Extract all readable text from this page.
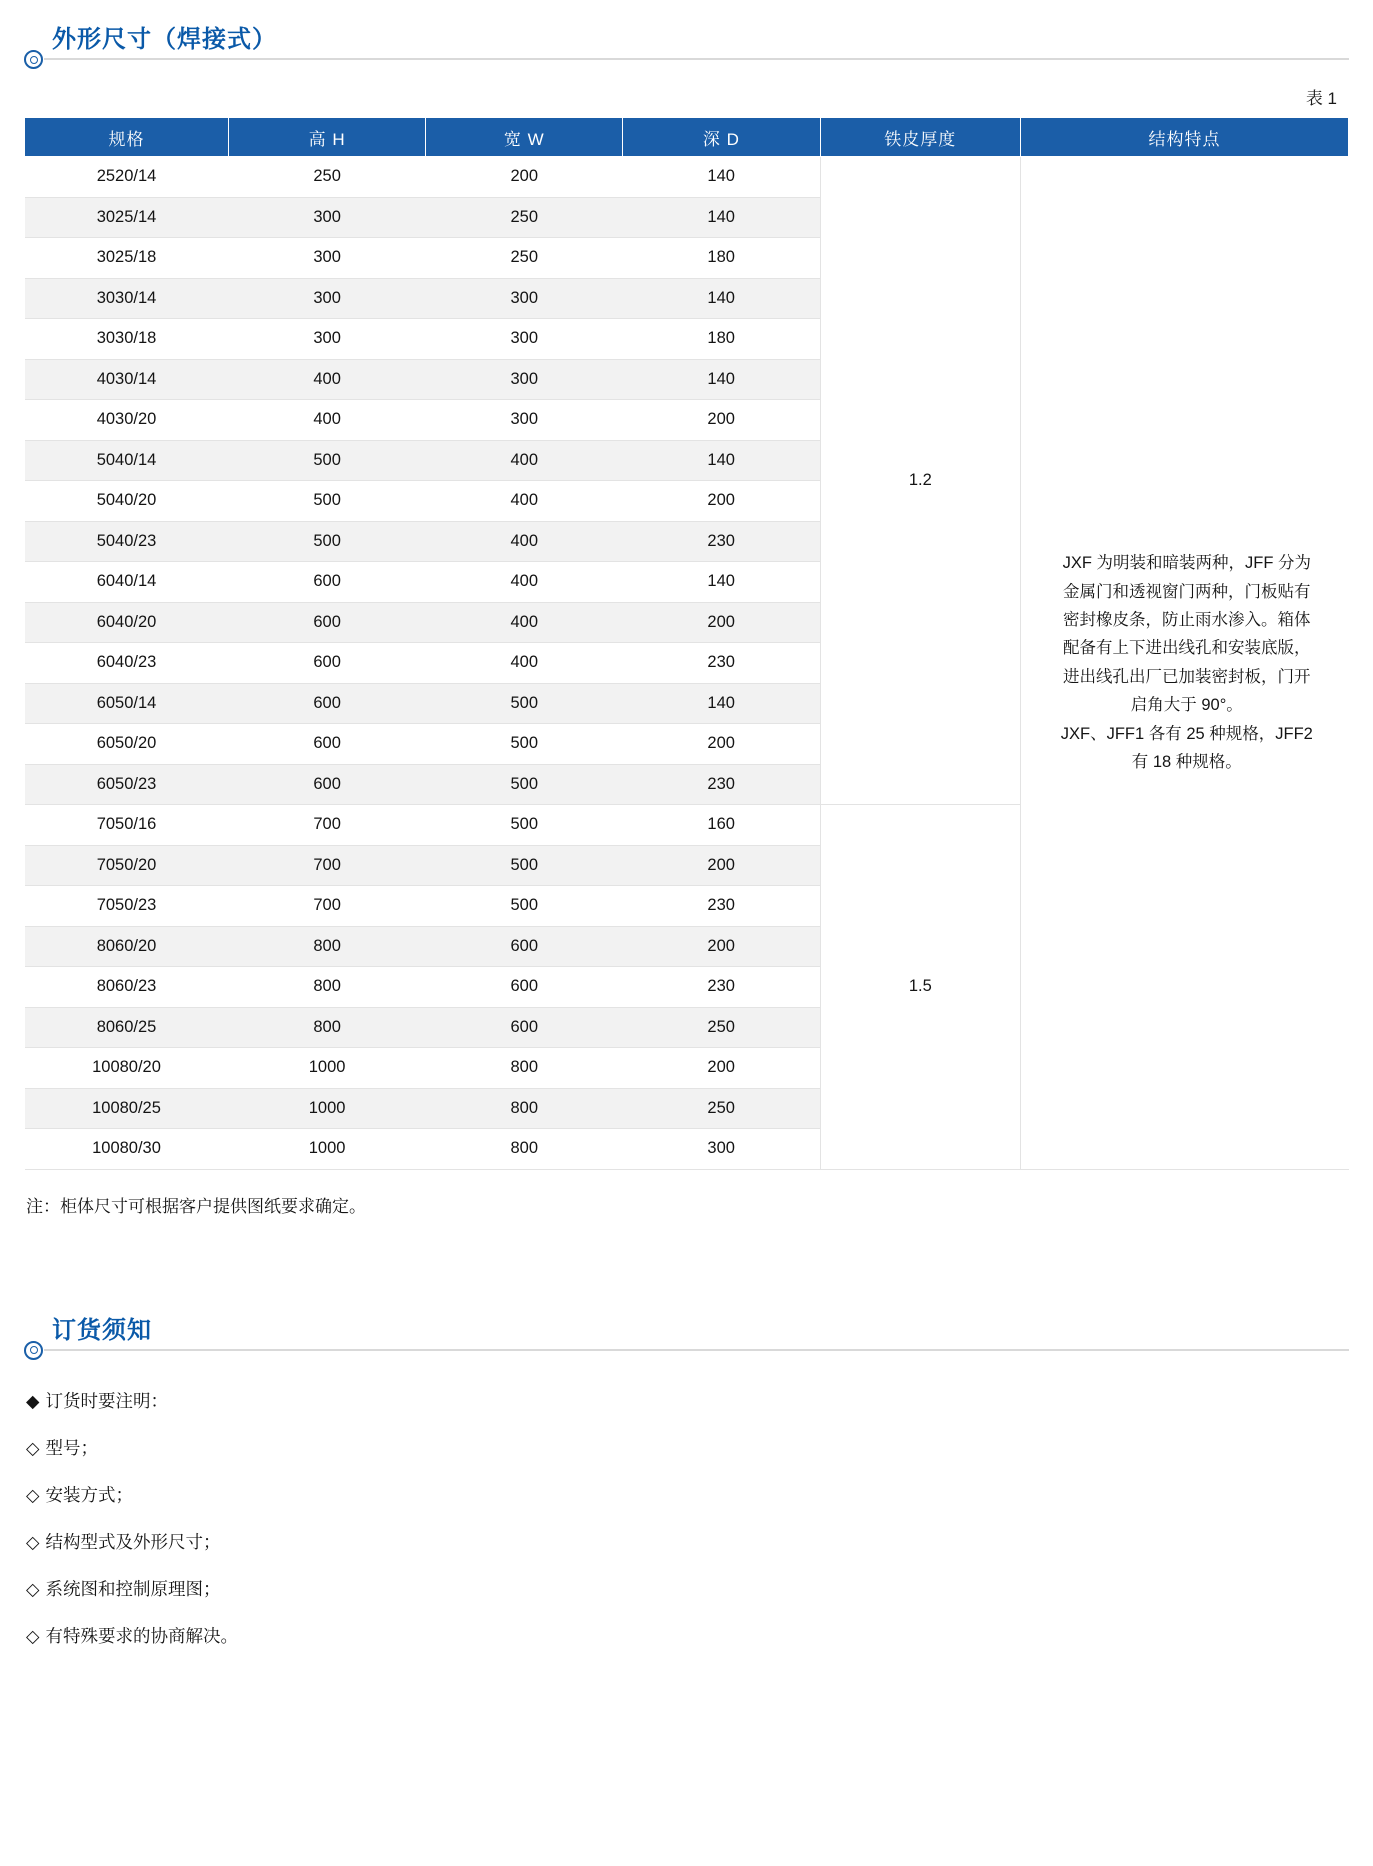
外形尺寸（焊接式）
表 1
规格	高 H	宽 W	深 D	铁皮厚度	结构特点
2520/14	250	200	140	1.2	JXF 为明装和暗装两种，JFF 分为金属门和透视窗门两种，门板贴有密封橡皮条，防止雨水渗入。箱体配备有上下进出线孔和安装底版，进出线孔出厂已加装密封板，门开启角大于 90°。
JXF、JFF1 各有 25 种规格，JFF2 有 18 种规格。
3025/14	300	250	140		
3025/18	300	250	180		
3030/14	300	300	140		
3030/18	300	300	180		
4030/14	400	300	140		
4030/20	400	300	200		
5040/14	500	400	140		
5040/20	500	400	200		
5040/23	500	400	230		
6040/14	600	400	140		
6040/20	600	400	200		
6040/23	600	400	230		
6050/14	600	500	140		
6050/20	600	500	200		
6050/23	600	500	230		
7050/16	700	500	160	1.5	
7050/20	700	500	200		
7050/23	700	500	230		
8060/20	800	600	200		
8060/23	800	600	230		
8060/25	800	600	250		
10080/20	1000	800	200		
10080/25	1000	800	250		
10080/30	1000	800	300		
注：柜体尺寸可根据客户提供图纸要求确定。
订货须知
◆ 订货时要注明：
◇ 型号；
◇ 安装方式；
◇ 结构型式及外形尺寸；
◇ 系统图和控制原理图；
◇ 有特殊要求的协商解决。
